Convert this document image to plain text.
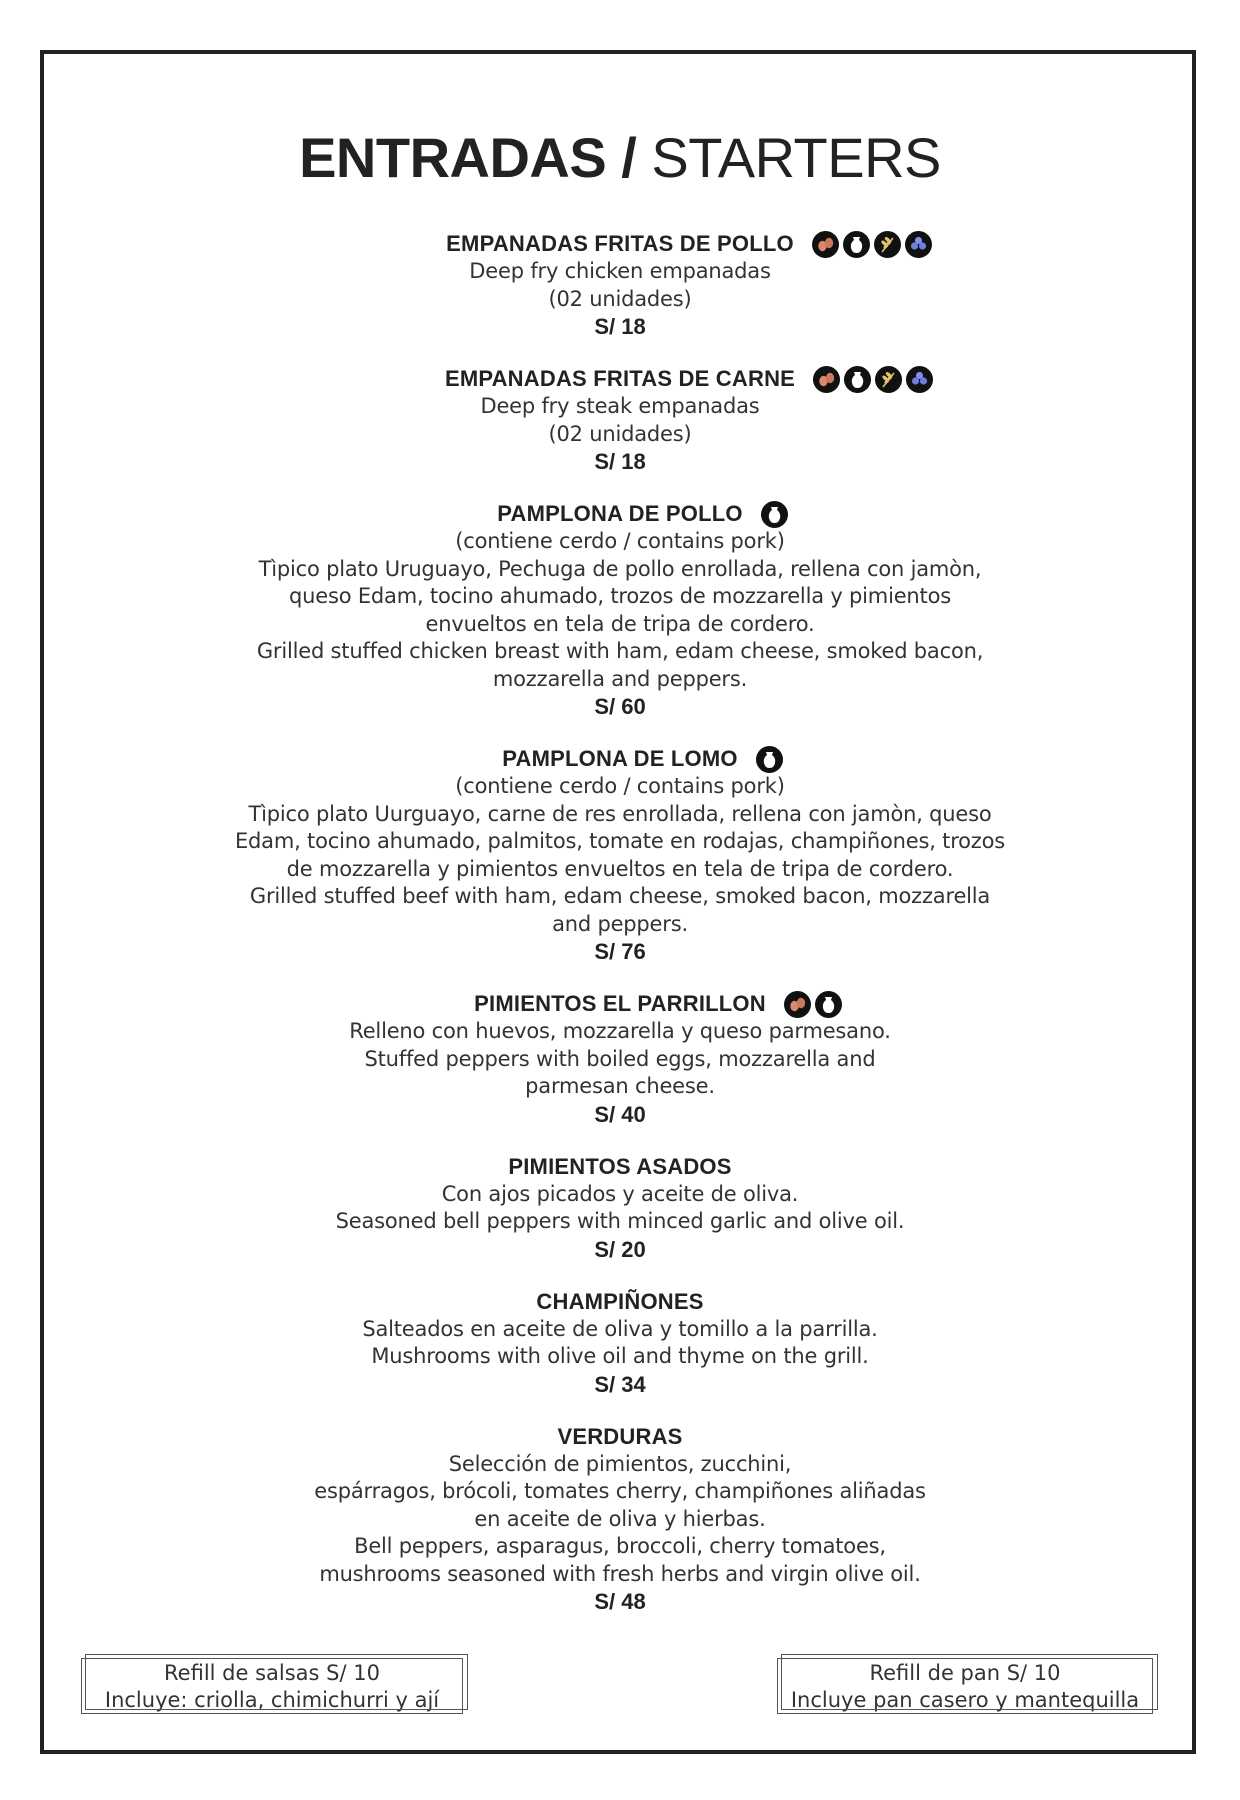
ENTRADAS / STARTERS
EMPANADAS FRITAS DE POLLO
Deep fry chicken empanadas
(02 unidades)
S/ 18
EMPANADAS FRITAS DE CARNE
Deep fry steak empanadas
(02 unidades)
S/ 18
PAMPLONA DE POLLO
(contiene cerdo / contains pork)
Tìpico plato Uruguayo, Pechuga de pollo enrollada, rellena con jamòn,
queso Edam, tocino ahumado, trozos de mozzarella y pimientos
envueltos en tela de tripa de cordero.
Grilled stuffed chicken breast with ham, edam cheese, smoked bacon,
mozzarella and peppers.
S/ 60
PAMPLONA DE LOMO
(contiene cerdo / contains pork)
Tìpico plato Uurguayo, carne de res enrollada, rellena con jamòn, queso
Edam, tocino ahumado, palmitos, tomate en rodajas, champiñones, trozos
de mozzarella y pimientos envueltos en tela de tripa de cordero.
Grilled stuffed beef with ham, edam cheese, smoked bacon, mozzarella
and peppers.
S/ 76
PIMIENTOS EL PARRILLON
Relleno con huevos, mozzarella y queso parmesano.
Stuffed peppers with boiled eggs, mozzarella and
parmesan cheese.
S/ 40
PIMIENTOS ASADOS
Con ajos picados y aceite de oliva.
Seasoned bell peppers with minced garlic and olive oil.
S/ 20
CHAMPIÑONES
Salteados en aceite de oliva y tomillo a la parrilla.
Mushrooms with olive oil and thyme on the grill.
S/ 34
VERDURAS
Selección de pimientos, zucchini,
espárragos, brócoli, tomates cherry, champiñones aliñadas
en aceite de oliva y hierbas.
Bell peppers, asparagus, broccoli, cherry tomatoes,
mushrooms seasoned with fresh herbs and virgin olive oil.
S/ 48
Refill de salsas S/ 10
Incluye: criolla, chimichurri y ají
Refill de pan S/ 10
Incluye pan casero y mantequilla
